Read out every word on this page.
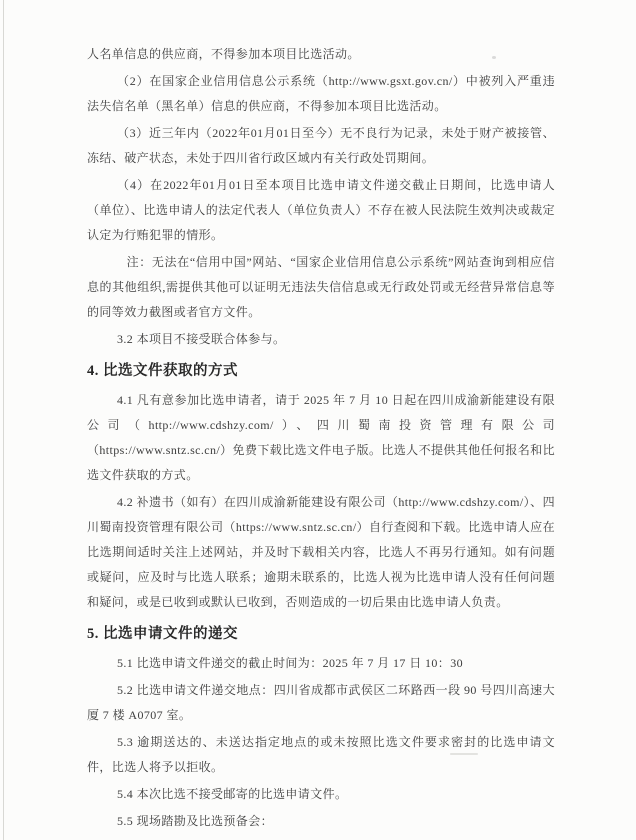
人名单信息的供应商，不得参加本项目比选活动。

（2）在国家企业信用信息公示系统（http://www.gsxt.gov.cn/）中被列入严重违法失信名单（黑名单）信息的供应商，不得参加本项目比选活动。

（3）近三年内（2022年01月01日至今）无不良行为记录，未处于财产被接管、冻结、破产状态，未处于四川省行政区域内有关行政处罚期间。

（4）在2022年01月01日至本项目比选申请文件递交截止日期间，比选申请人（单位）、比选申请人的法定代表人（单位负责人）不存在被人民法院生效判决或裁定认定为行贿犯罪的情形。

注：无法在“信用中国”网站、“国家企业信用信息公示系统”网站查询到相应信息的其他组织,需提供其他可以证明无违法失信信息或无行政处罚或无经营异常信息等的同等效力截图或者官方文件。

3.2 本项目不接受联合体参与。

4. 比选文件获取的方式

4.1 凡有意参加比选申请者，请于 2025 年 7 月 10 日起在四川成渝新能建设有限公司（http://www.cdshzy.com/）、四川蜀南投资管理有限公司（https://www.sntz.sc.cn/）免费下载比选文件电子版。比选人不提供其他任何报名和比选文件获取的方式。

4.2 补遗书（如有）在四川成渝新能建设有限公司（http://www.cdshzy.com/）、四川蜀南投资管理有限公司（https://www.sntz.sc.cn/）自行查阅和下载。比选申请人应在比选期间适时关注上述网站，并及时下载相关内容，比选人不再另行通知。如有问题或疑问，应及时与比选人联系；逾期未联系的，比选人视为比选申请人没有任何问题和疑问，或是已收到或默认已收到，否则造成的一切后果由比选申请人负责。

5. 比选申请文件的递交

5.1 比选申请文件递交的截止时间为：2025 年 7 月 17 日 10：30

5.2 比选申请文件递交地点：四川省成都市武侯区二环路西一段 90 号四川高速大厦 7 楼 A0707 室。

5.3 逾期送达的、未送达指定地点的或未按照比选文件要求密封的比选申请文件，比选人将予以拒收。

5.4 本次比选不接受邮寄的比选申请文件。

5.5 现场踏勘及比选预备会：
